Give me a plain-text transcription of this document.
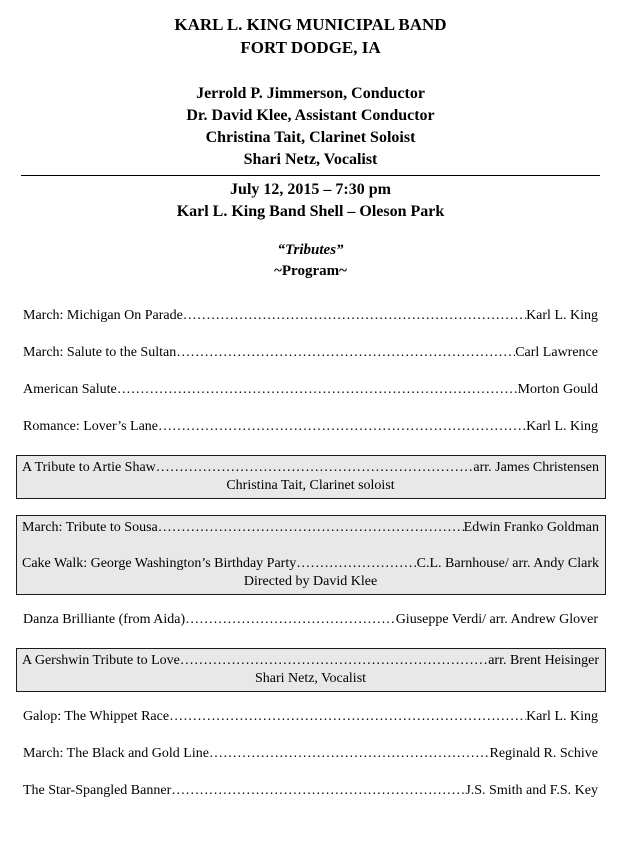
KARL L. KING MUNICIPAL BAND
FORT DODGE, IA
Jerrold P. Jimmerson, Conductor
Dr. David Klee, Assistant Conductor
Christina Tait, Clarinet Soloist
Shari Netz, Vocalist
July 12, 2015 – 7:30 pm
Karl L. King Band Shell – Oleson Park
“Tributes”
~Program~
March: Michigan On Parade ……………………………………………………………………………………………………………………………………………………………………………………	Karl L. King
March: Salute to the Sultan ……………………………………………………………………………………………………………………………………………………………………………………	Carl Lawrence
American Salute ……………………………………………………………………………………………………………………………………………………………………………………	Morton Gould
Romance: Lover’s Lane ……………………………………………………………………………………………………………………………………………………………………………………	Karl L. King
A Tribute to Artie Shaw ……………………………………………………………………………………………………………………………………………………………………………………	arr. James Christensen
Christina Tait, Clarinet soloist
March: Tribute to Sousa ……………………………………………………………………………………………………………………………………………………………………………………	Edwin Franko Goldman
Cake Walk: George Washington’s Birthday Party ……………………………………………………………………………………………………………………………………………………………………………………	C.L. Barnhouse/ arr. Andy Clark
Directed by David Klee
Danza Brilliante (from Aida) ……………………………………………………………………………………………………………………………………………………………………………………	Giuseppe Verdi/ arr. Andrew Glover
A Gershwin Tribute to Love ……………………………………………………………………………………………………………………………………………………………………………………	arr. Brent Heisinger
Shari Netz, Vocalist
Galop: The Whippet Race ……………………………………………………………………………………………………………………………………………………………………………………	Karl L. King
March: The Black and Gold Line ……………………………………………………………………………………………………………………………………………………………………………………	Reginald R. Schive
The Star-Spangled Banner ……………………………………………………………………………………………………………………………………………………………………………………	J.S. Smith and F.S. Key
